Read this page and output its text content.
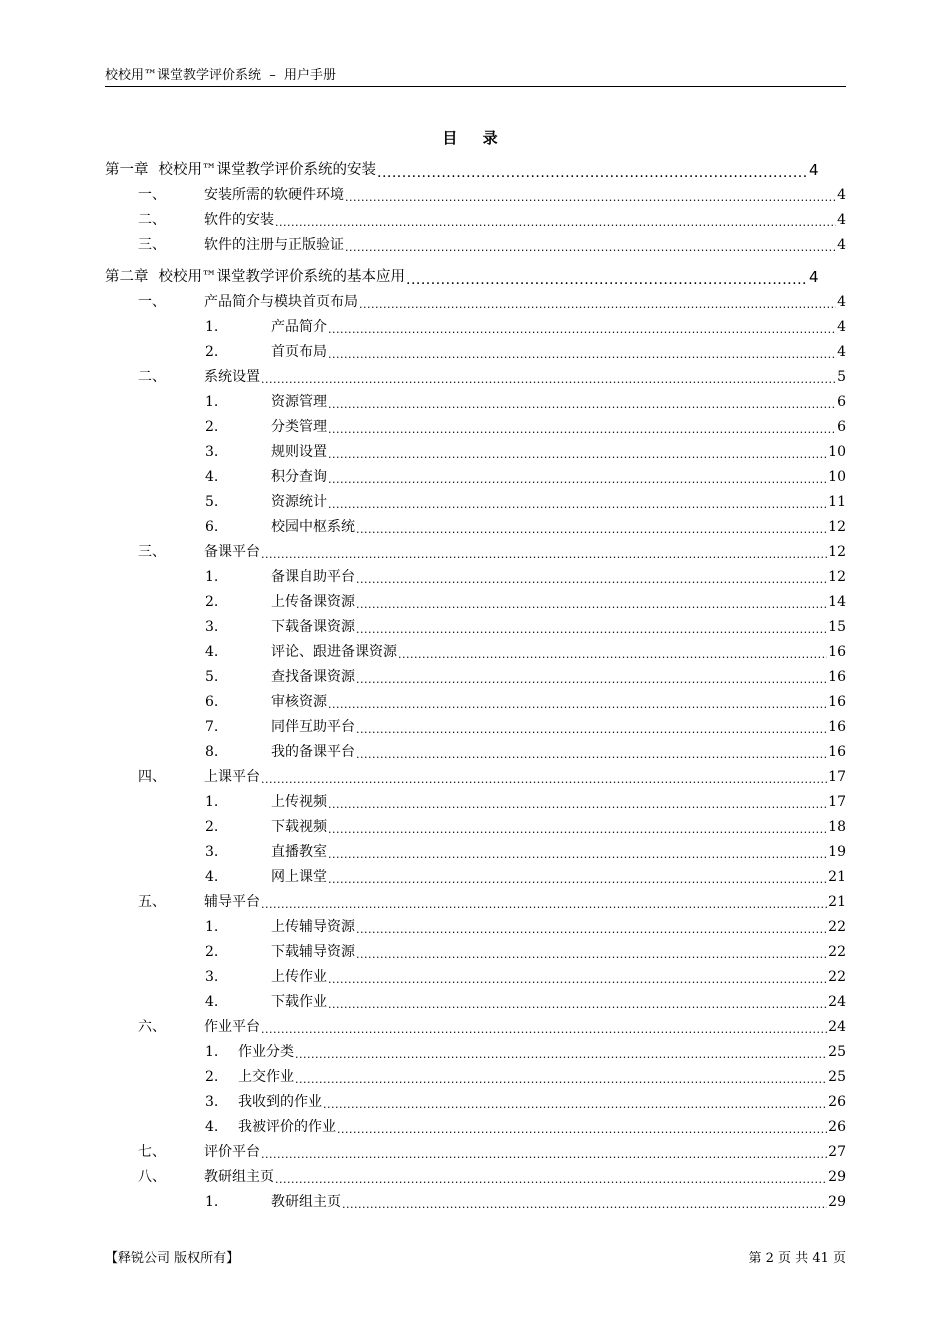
校校用™课堂教学评价系统  –  用户手册
目 录
第一章 校校用™课堂教学评价系统的安装 .....	4
一、	安装所需的软硬件环境 .....	4
二、	软件的安装 .....	4
三、	软件的注册与正版验证 .....	4
第二章 校校用™课堂教学评价系统的基本应用 .....	4
一、	产品简介与模块首页布局 .....	4
1.	产品简介 .....	4
2.	首页布局 .....	4
二、	系统设置 .....	5
1.	资源管理 .....	6
2.	分类管理 .....	6
3.	规则设置 .....	10
4.	积分查询 .....	10
5.	资源统计 .....	11
6.	校园中枢系统 .....	12
三、	备课平台 .....	12
1.	备课自助平台 .....	12
2.	上传备课资源 .....	14
3.	下载备课资源 .....	15
4.	评论、跟进备课资源 .....	16
5.	查找备课资源 .....	16
6.	审核资源 .....	16
7.	同伴互助平台 .....	16
8.	我的备课平台 .....	16
四、	上课平台 .....	17
1.	上传视频 .....	17
2.	下载视频 .....	18
3.	直播教室 .....	19
4.	网上课堂 .....	21
五、	辅导平台 .....	21
1.	上传辅导资源 .....	22
2.	下载辅导资源 .....	22
3.	上传作业 .....	22
4.	下载作业 .....	24
六、	作业平台 .....	24
1.	作业分类 .....	25
2.	上交作业 .....	25
3.	我收到的作业 .....	26
4.	我被评价的作业 .....	26
七、	评价平台 .....	27
八、	教研组主页 .....	29
1.	教研组主页 .....	29
【释锐公司 版权所有】	第 2 页 共 41 页
